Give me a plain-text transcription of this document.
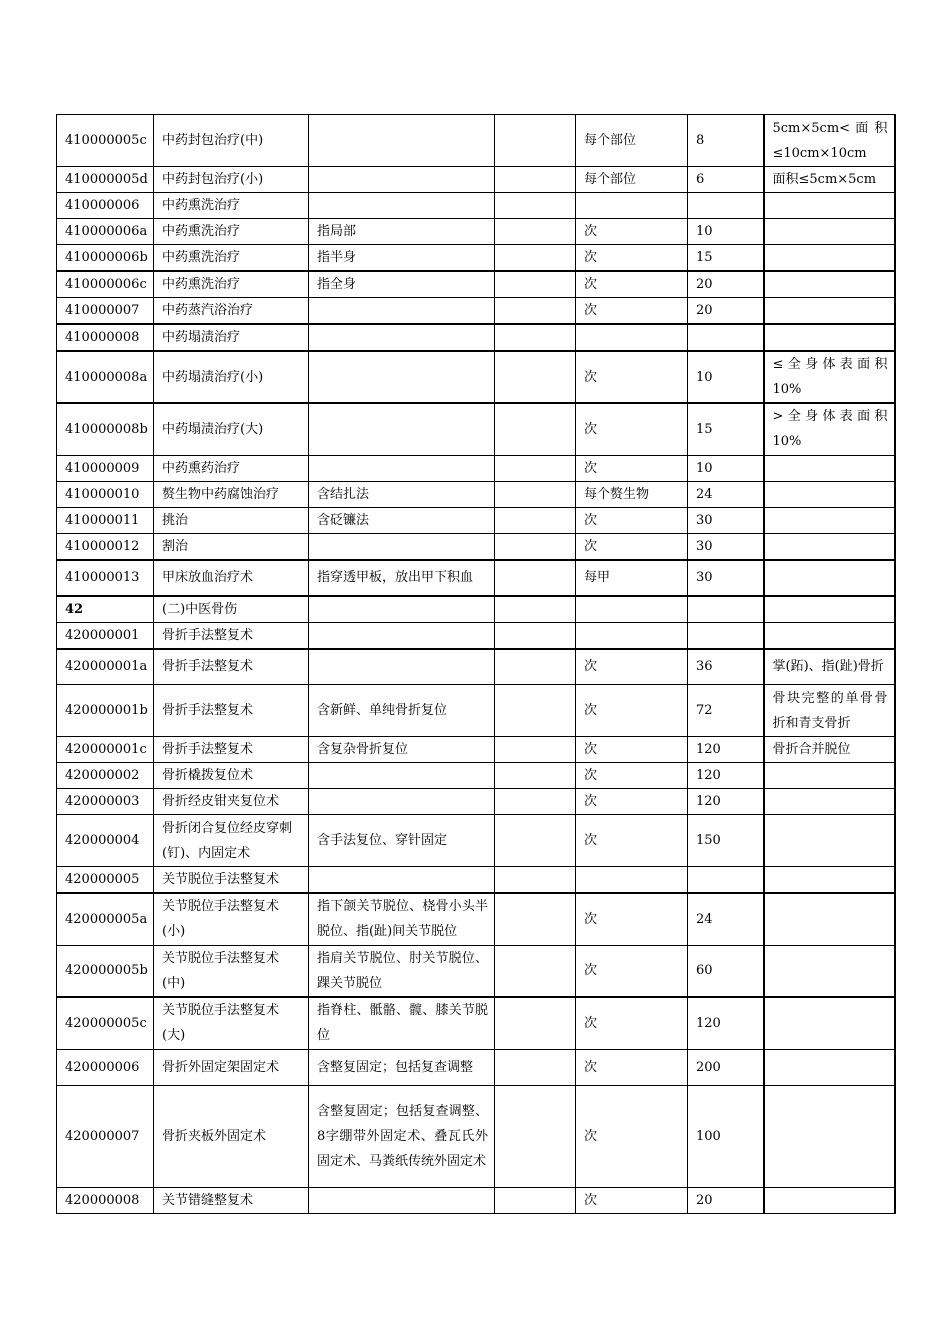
410000005c	中药封包治疗(中)			每个部位	8	5cm×5cm< 面 积≤10cm×10cm
410000005d	中药封包治疗(小)			每个部位	6	面积≤5cm×5cm
410000006	中药熏洗治疗					
410000006a	中药熏洗治疗	指局部		次	10	
410000006b	中药熏洗治疗	指半身		次	15	
410000006c	中药熏洗治疗	指全身		次	20	
410000007	中药蒸汽浴治疗			次	20	
410000008	中药塌渍治疗					
410000008a	中药塌渍治疗(小)			次	10	≤全身体表面积10%
410000008b	中药塌渍治疗(大)			次	15	>全身体表面积10%
410000009	中药熏药治疗			次	10	
410000010	赘生物中药腐蚀治疗	含结扎法		每个赘生物	24	
410000011	挑治	含砭镰法		次	30	
410000012	割治			次	30	
410000013	甲床放血治疗术	指穿透甲板，放出甲下积血		每甲	30	
42	(二)中医骨伤					
420000001	骨折手法整复术					
420000001a	骨折手法整复术			次	36	掌(跖)、指(趾)骨折
420000001b	骨折手法整复术	含新鲜、单纯骨折复位		次	72	骨块完整的单骨骨折和青支骨折
420000001c	骨折手法整复术	含复杂骨折复位		次	120	骨折合并脱位
420000002	骨折橇拨复位术			次	120	
420000003	骨折经皮钳夹复位术			次	120	
420000004	骨折闭合复位经皮穿刺(钉)、内固定术	含手法复位、穿针固定		次	150	
420000005	关节脱位手法整复术					
420000005a	关节脱位手法整复术(小)	指下颌关节脱位、桡骨小头半脱位、指(趾)间关节脱位		次	24	
420000005b	关节脱位手法整复术(中)	指肩关节脱位、肘关节脱位、踝关节脱位		次	60	
420000005c	关节脱位手法整复术(大)	指脊柱、骶骼、髋、膝关节脱位		次	120	
420000006	骨折外固定架固定术	含整复固定；包括复查调整		次	200	
420000007	骨折夹板外固定术	含整复固定；包括复查调整、8字绷带外固定术、叠瓦氏外固定术、马粪纸传统外固定术		次	100	
420000008	关节错缝整复术			次	20	
